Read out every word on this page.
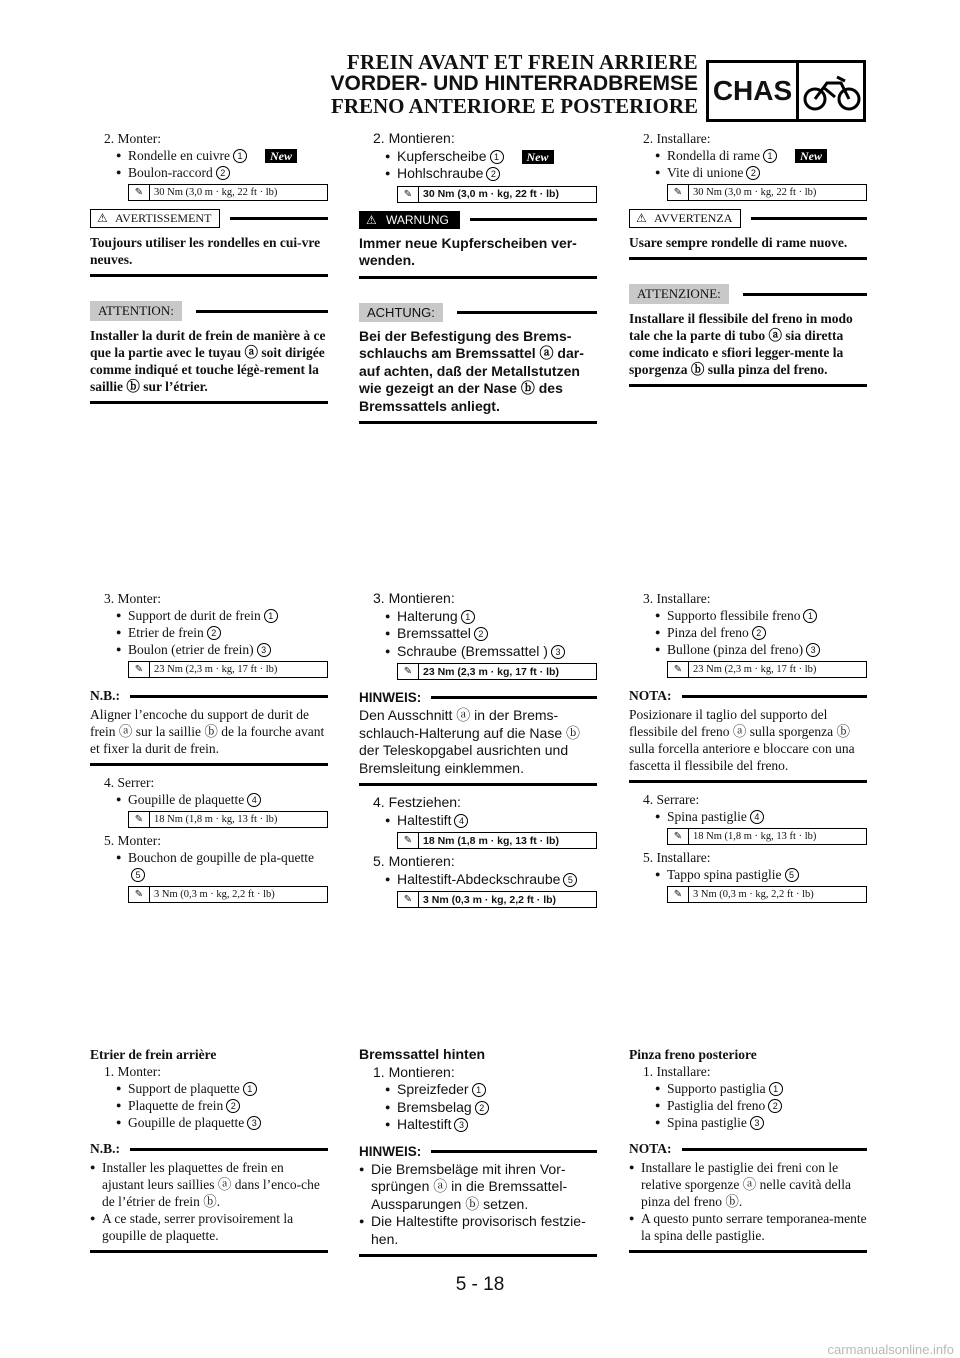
FREIN AVANT ET FREIN ARRIERE
VORDER- UND HINTERRADBREMSE
FRENO ANTERIORE E POSTERIORE CHAS
2. Monter:
● Rondelle en cuivre 1 New
● Boulon-raccord 2
✎	30 Nm (3,0 m · kg, 22 ft · lb)
⚠ AVERTISSEMENT
Toujours utiliser les rondelles en cui-vre neuves.
ATTENTION:
Installer la durit de frein de manière à ce que la partie avec le tuyau ⓐ soit dirigée comme indiqué et touche légè-rement la saillie ⓑ sur l’étrier.
3. Monter:
● Support de durit de frein 1
● Etrier de frein 2
● Boulon (etrier de frein) 3
✎	23 Nm (2,3 m · kg, 17 ft · lb)
N.B.:
Aligner l’encoche du support de durit de frein ⓐ sur la saillie ⓑ de la fourche avant et fixer la durit de frein.
4. Serrer:
● Goupille de plaquette 4
✎	18 Nm (1,8 m · kg, 13 ft · lb)
5. Monter:
● Bouchon de goupille de pla-quette5
✎	3 Nm (0,3 m · kg, 2,2 ft · lb)
Etrier de frein arrière
1. Monter:
● Support de plaquette 1
● Plaquette de frein 2
● Goupille de plaquette 3
N.B.:
● Installer les plaquettes de frein en ajustant leurs saillies ⓐ dans l’enco-che de l’étrier de frein ⓑ.
● A ce stade, serrer provisoirement la goupille de plaquette.
2. Montieren:
● Kupferscheibe 1 New
● Hohlschraube 2
✎	30 Nm (3,0 m · kg, 22 ft · lb)
⚠ WARNUNG
Immer neue Kupferscheiben ver-wenden.
ACHTUNG:
Bei der Befestigung des Brems-schlauchs am Bremssattel ⓐ dar-auf achten, daß der Metallstutzen wie gezeigt an der Nase ⓑ des Bremssattels anliegt.
3. Montieren:
● Halterung 1
● Bremssattel 2
● Schraube (Bremssattel ) 3
✎	23 Nm (2,3 m · kg, 17 ft · lb)
HINWEIS:
Den Ausschnitt ⓐ in der Brems-schlauch-Halterung auf die Nase ⓑ der Teleskopgabel ausrichten und Bremsleitung einklemmen.
4. Festziehen:
● Haltestift 4
✎	18 Nm (1,8 m · kg, 13 ft · lb)
5. Montieren:
● Haltestift-Abdeckschraube 5
✎	3 Nm (0,3 m · kg, 2,2 ft · lb)
Bremssattel hinten
1. Montieren:
● Spreizfeder 1
● Bremsbelag 2
● Haltestift 3
HINWEIS:
● Die Bremsbeläge mit ihren Vor-sprüngen ⓐ in die Bremssattel-Aussparungen ⓑ setzen.
● Die Haltestifte provisorisch festzie-hen.
2. Installare:
● Rondella di rame 1 New
● Vite di unione 2
✎	30 Nm (3,0 m · kg, 22 ft · lb)
⚠ AVVERTENZA
Usare sempre rondelle di rame nuove.
ATTENZIONE:
Installare il flessibile del freno in modo tale che la parte di tubo ⓐ sia diretta come indicato e sfiori legger-mente la sporgenza ⓑ sulla pinza del freno.
3. Installare:
● Supporto flessibile freno 1
● Pinza del freno 2
● Bullone (pinza del freno) 3
✎	23 Nm (2,3 m · kg, 17 ft · lb)
NOTA:
Posizionare il taglio del supporto del flessibile del freno ⓐ sulla sporgenza ⓑ sulla forcella anteriore e bloccare con una fascetta il flessibile del freno.
4. Serrare:
● Spina pastiglie 4
✎	18 Nm (1,8 m · kg, 13 ft · lb)
5. Installare:
● Tappo spina pastiglie 5
✎	3 Nm (0,3 m · kg, 2,2 ft · lb)
Pinza freno posteriore
1. Installare:
● Supporto pastiglia 1
● Pastiglia del freno 2
● Spina pastiglie 3
NOTA:
● Installare le pastiglie dei freni con le relative sporgenze ⓐ nelle cavità della pinza del freno ⓑ.
● A questo punto serrare temporanea-mente la spina delle pastiglie.
5 - 18
carmanualsonline.info
